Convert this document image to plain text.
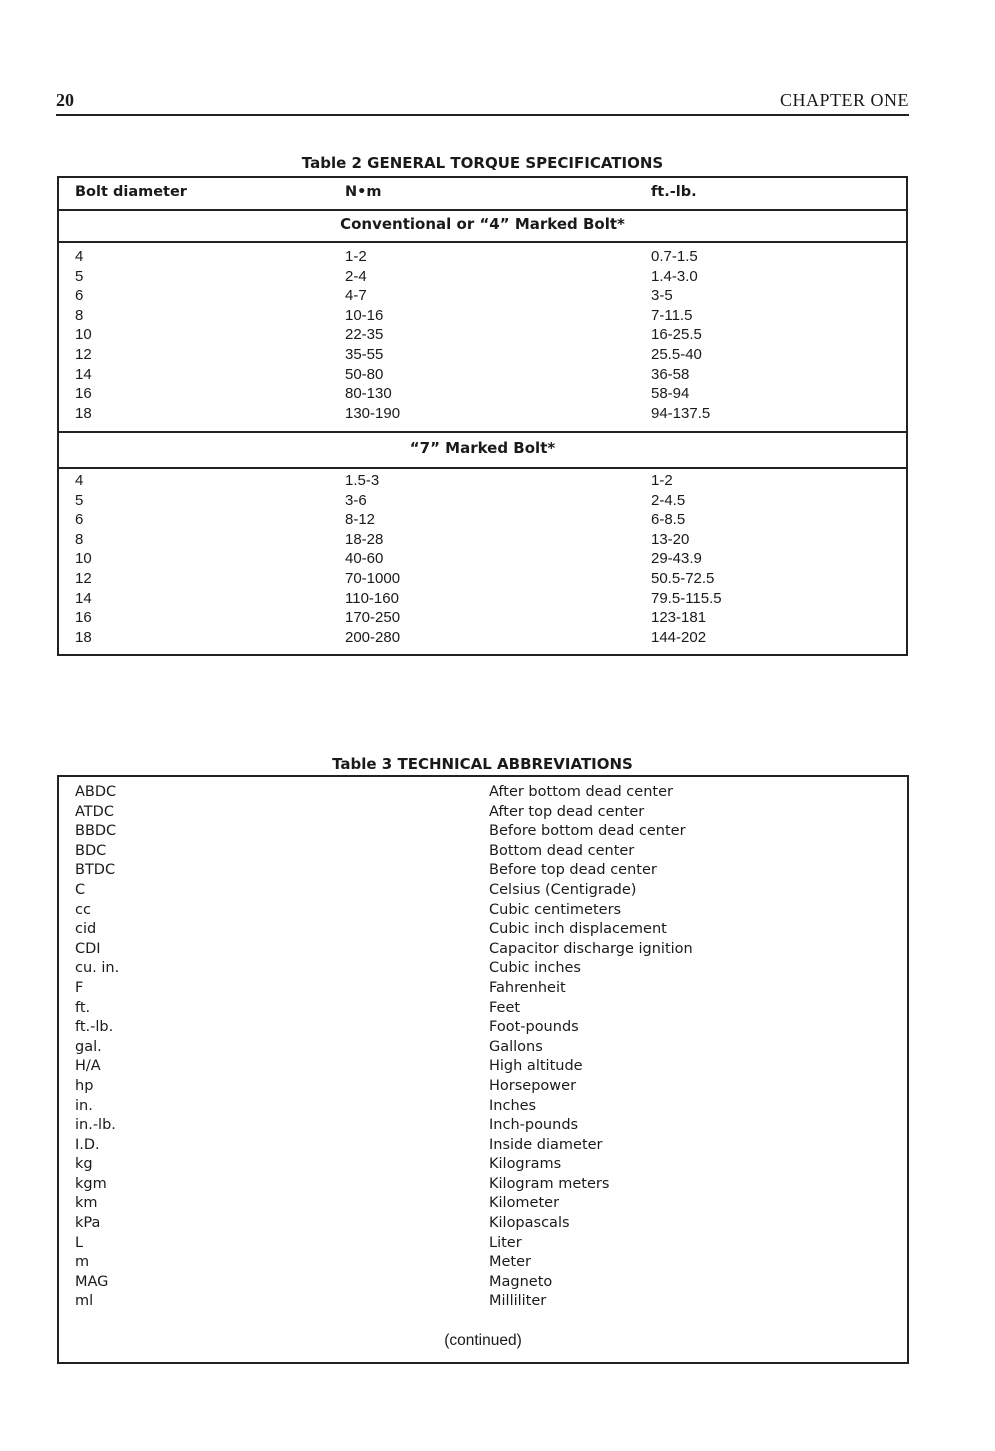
20	CHAPTER ONE
Table 2 GENERAL TORQUE SPECIFICATIONS
Bolt diameter	N•m	ft.-lb.
Conventional or “4” Marked Bolt*
4	1-2	0.7-1.5
5	2-4	1.4-3.0
6	4-7	3-5
8	10-16	7-11.5
10	22-35	16-25.5
12	35-55	25.5-40
14	50-80	36-58
16	80-130	58-94
18	130-190	94-137.5
“7” Marked Bolt*
4	1.5-3	1-2
5	3-6	2-4.5
6	8-12	6-8.5
8	18-28	13-20
10	40-60	29-43.9
12	70-1000	50.5-72.5
14	110-160	79.5-115.5
16	170-250	123-181
18	200-280	144-202
Table 3 TECHNICAL ABBREVIATIONS
ABDC	After bottom dead center
ATDC	After top dead center
BBDC	Before bottom dead center
BDC	Bottom dead center
BTDC	Before top dead center
C	Celsius (Centigrade)
cc	Cubic centimeters
cid	Cubic inch displacement
CDI	Capacitor discharge ignition
cu. in.	Cubic inches
F	Fahrenheit
ft.	Feet
ft.-lb.	Foot-pounds
gal.	Gallons
H/A	High altitude
hp	Horsepower
in.	Inches
in.-lb.	Inch-pounds
I.D.	Inside diameter
kg	Kilograms
kgm	Kilogram meters
km	Kilometer
kPa	Kilopascals
L	Liter
m	Meter
MAG	Magneto
ml	Milliliter
(continued)
